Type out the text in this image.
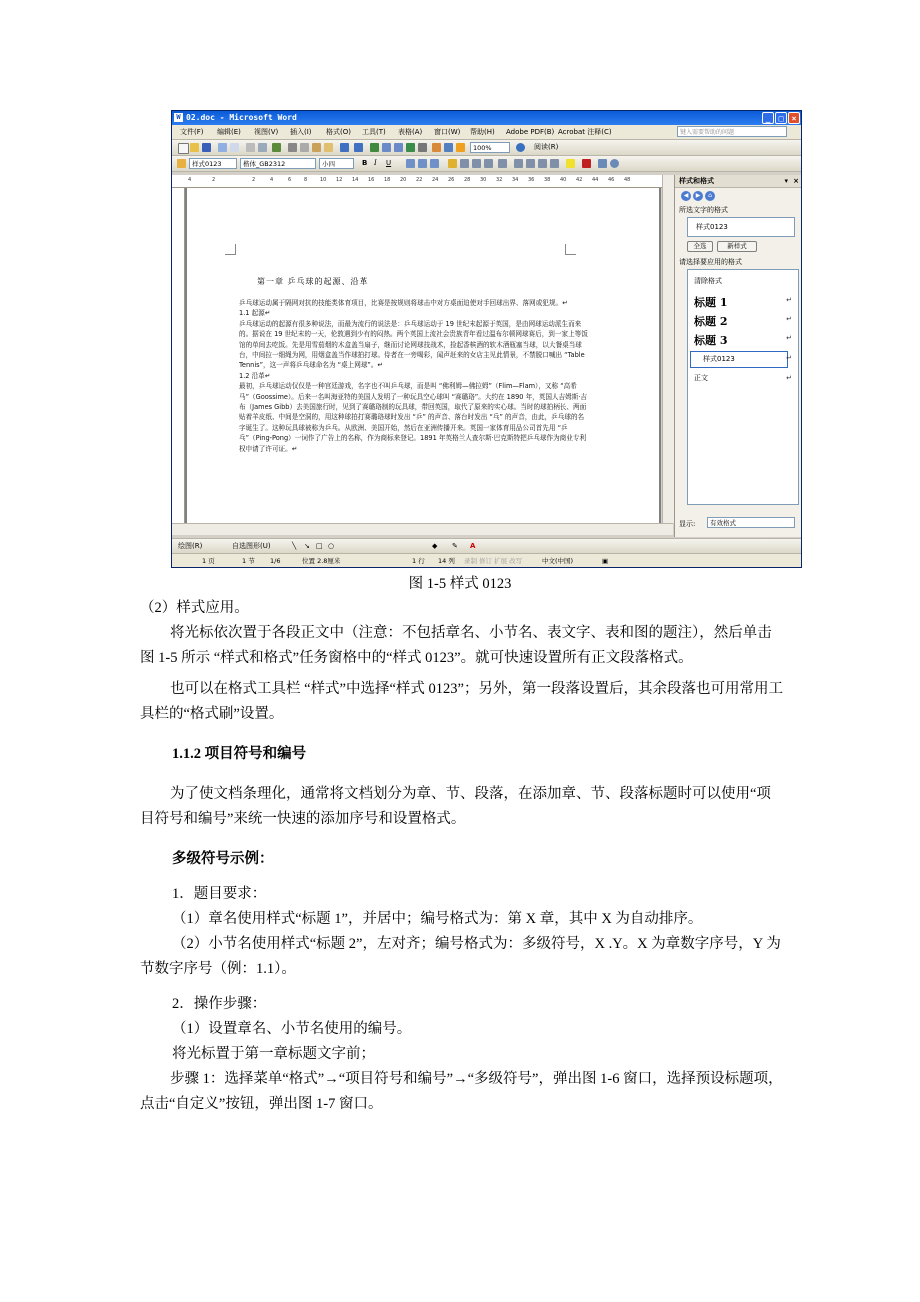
W 02.doc - Microsoft Word	_	□	×
文件(F) 编辑(E) 视图(V) 插入(I) 格式(O) 工具(T) 表格(A) 窗口(W) 帮助(H) Adobe PDF(B) Acrobat 注释(C)	键入需要帮助的问题
100%	阅读(R)
样式0123	楷体_GB2312	小四	B I U
4	2	2	4	6	8	10 12 14 16 18 20 22 24 26 28 30 32 34 36 38 40 42 44 46 48
第一章 乒乓球的起源、沿革

乒乓球运动属于隔网对抗的技能类体育项目，比赛是按规则将球击中对方桌面迫使对手回球出界、落网或犯规。↵

1.1 起源↵

乒乓球运动的起源有很多种说法，而最为流行的说法是：乒乓球运动于 19 世纪末起源于英国，是由网球运动派生而来的。据说在 19 世纪末的一天，伦敦遇到少有的闷热。两个英国上流社会贵族青年看过温布尔顿网球赛后，到一家上等饭馆的单间去吃饭。先是用雪茄烟的木盒盖当扇子，继而讨论网球技战术，捡起香槟酒的软木酒瓶塞当球，以大餐桌当球台，中间拉一细绳为网，用烟盒盖当作球拍打球。侍者在一旁喝彩，闻声赶来的女店主见此情景，不禁脱口喊出 “Table Tennis”，这一声将乒乓球命名为 “桌上网球”。↵

1.2 沿革↵

最初，乒乓球运动仅仅是一种宫廷游戏，名字也不叫乒乓球，而是叫 “佛利姆—佛拉姆”（Flim—Flam），又称 “高希马”（Goossime）。后来一名叫海亚特的美国人发明了一种玩具空心球叫 “赛璐珞”。大约在 1890 年，英国人吉姆斯·吉布（James Gibb）去美国旅行时，见到了赛璐珞制的玩具球，带回英国，取代了原来的实心球。当时的球拍柄长、两面贴着羊皮纸、中间是空洞的，用这种球拍打赛璐珞球时发出 “乒” 的声音、落台时发出 “乓” 的声音，由此，乒乓球的名字诞生了。这种玩具球被称为乒乓。从欧洲、美国开始，然后在亚洲传播开来。英国一家体育用品公司首先用 “乒乓”（Ping-Pong）一词作了广告上的名称，作为商标来登记。1891 年英格兰人查尔斯·巴克斯特把乒乓球作为商业专利权申请了许可证。↵

样式和格式	▾ ×
◀	▶	⌂
所选文字的格式
样式0123
全选	新样式
请选择要应用的格式
清除格式
标题 1	↵
标题 2	↵
标题 3	↵
样式0123	↵
正文	↵
显示:	有效格式
绘图(R)	自选图形(U)	╲ ↘ □ ○	◆ ✎ A
1 页	1 节 1/6	位置 2.8厘米	1 行 14 列 录制 修订 扩展 改写	中文(中国)	▣
图 1-5 样式 0123

（2）样式应用。

将光标依次置于各段正文中（注意：不包括章名、小节名、表文字、表和图的题注），然后单击图 1-5 所示 “样式和格式”任务窗格中的“样式 0123”。就可快速设置所有正文段落格式。

也可以在格式工具栏 “样式”中选择“样式 0123”；另外，第一段落设置后，其余段落也可用常用工具栏的“格式刷”设置。

1.1.2 项目符号和编号

为了使文档条理化，通常将文档划分为章、节、段落，在添加章、节、段落标题时可以使用“项目符号和编号”来统一快速的添加序号和设置格式。

多级符号示例：

1．题目要求：

（1）章名使用样式“标题 1”，并居中；编号格式为：第 X 章，其中 X 为自动排序。

（2）小节名使用样式“标题 2”，左对齐；编号格式为：多级符号，X .Y。X 为章数字序号，Y 为节数字序号（例：1.1）。

2．操作步骤：

（1）设置章名、小节名使用的编号。

将光标置于第一章标题文字前；

步骤 1：选择菜单“格式”→“项目符号和编号”→“多级符号”，弹出图 1-6 窗口，选择预设标题项，点击“自定义”按钮，弹出图 1-7 窗口。
